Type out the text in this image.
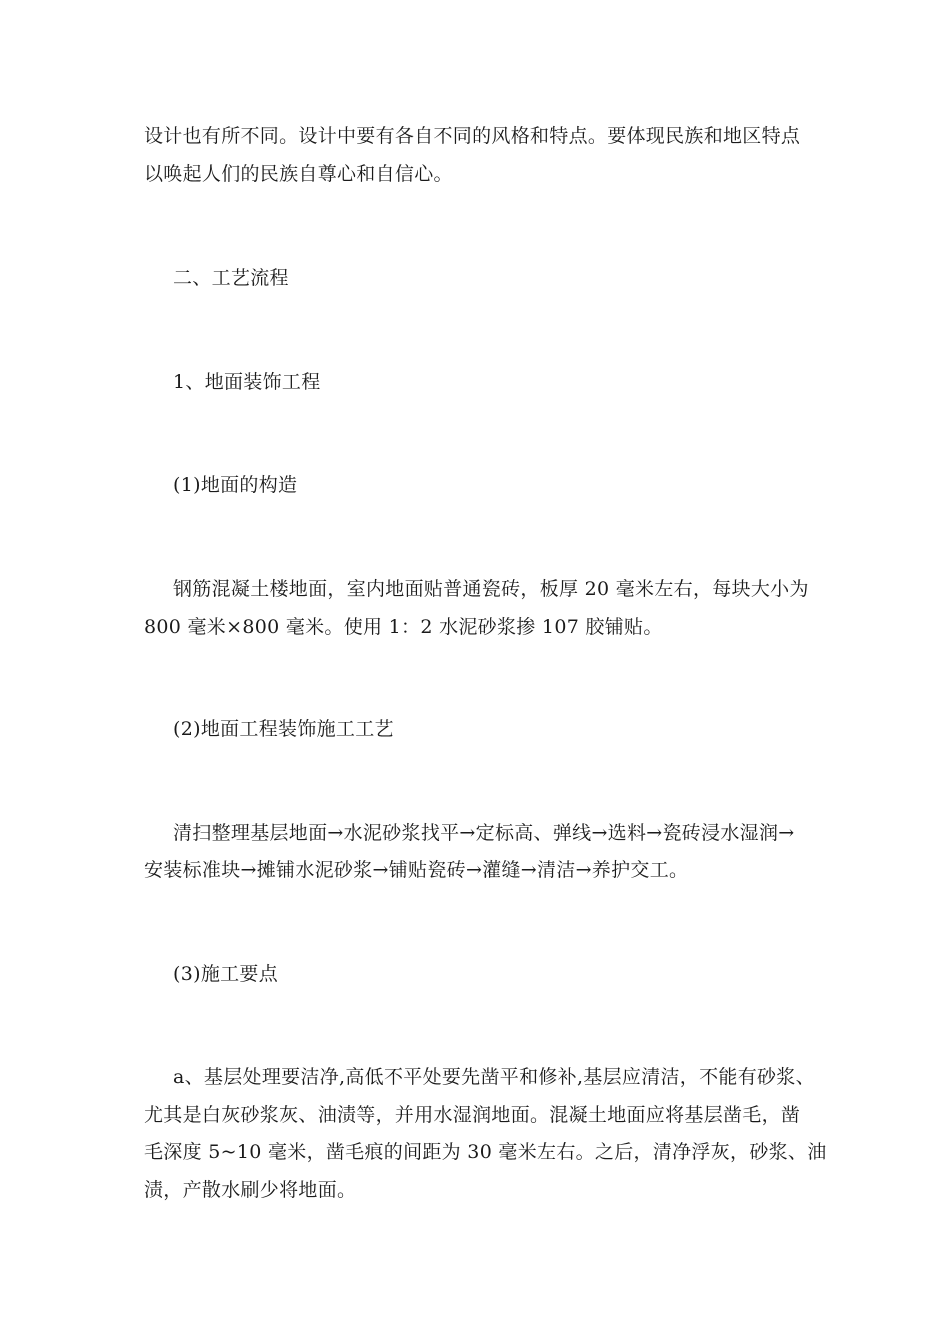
设计也有所不同。设计中要有各自不同的风格和特点。要体现民族和地区特点
以唤起人们的民族自尊心和自信心。
二、工艺流程
1、地面装饰工程
(1)地面的构造
钢筋混凝土楼地面，室内地面贴普通瓷砖，板厚 20 毫米左右，每块大小为
800 毫米×800 毫米。使用 1：2 水泥砂浆掺 107 胶铺贴。
(2)地面工程装饰施工工艺
清扫整理基层地面→水泥砂浆找平→定标高、弹线→选料→瓷砖浸水湿润→
安装标准块→摊铺水泥砂浆→铺贴瓷砖→灌缝→清洁→养护交工。
(3)施工要点
a、基层处理要洁净,高低不平处要先凿平和修补,基层应清洁，不能有砂浆、
尤其是白灰砂浆灰、油渍等，并用水湿润地面。混凝土地面应将基层凿毛，凿
毛深度 5~10 毫米，凿毛痕的间距为 30 毫米左右。之后，清净浮灰，砂浆、油
渍，产散水刷少将地面。
